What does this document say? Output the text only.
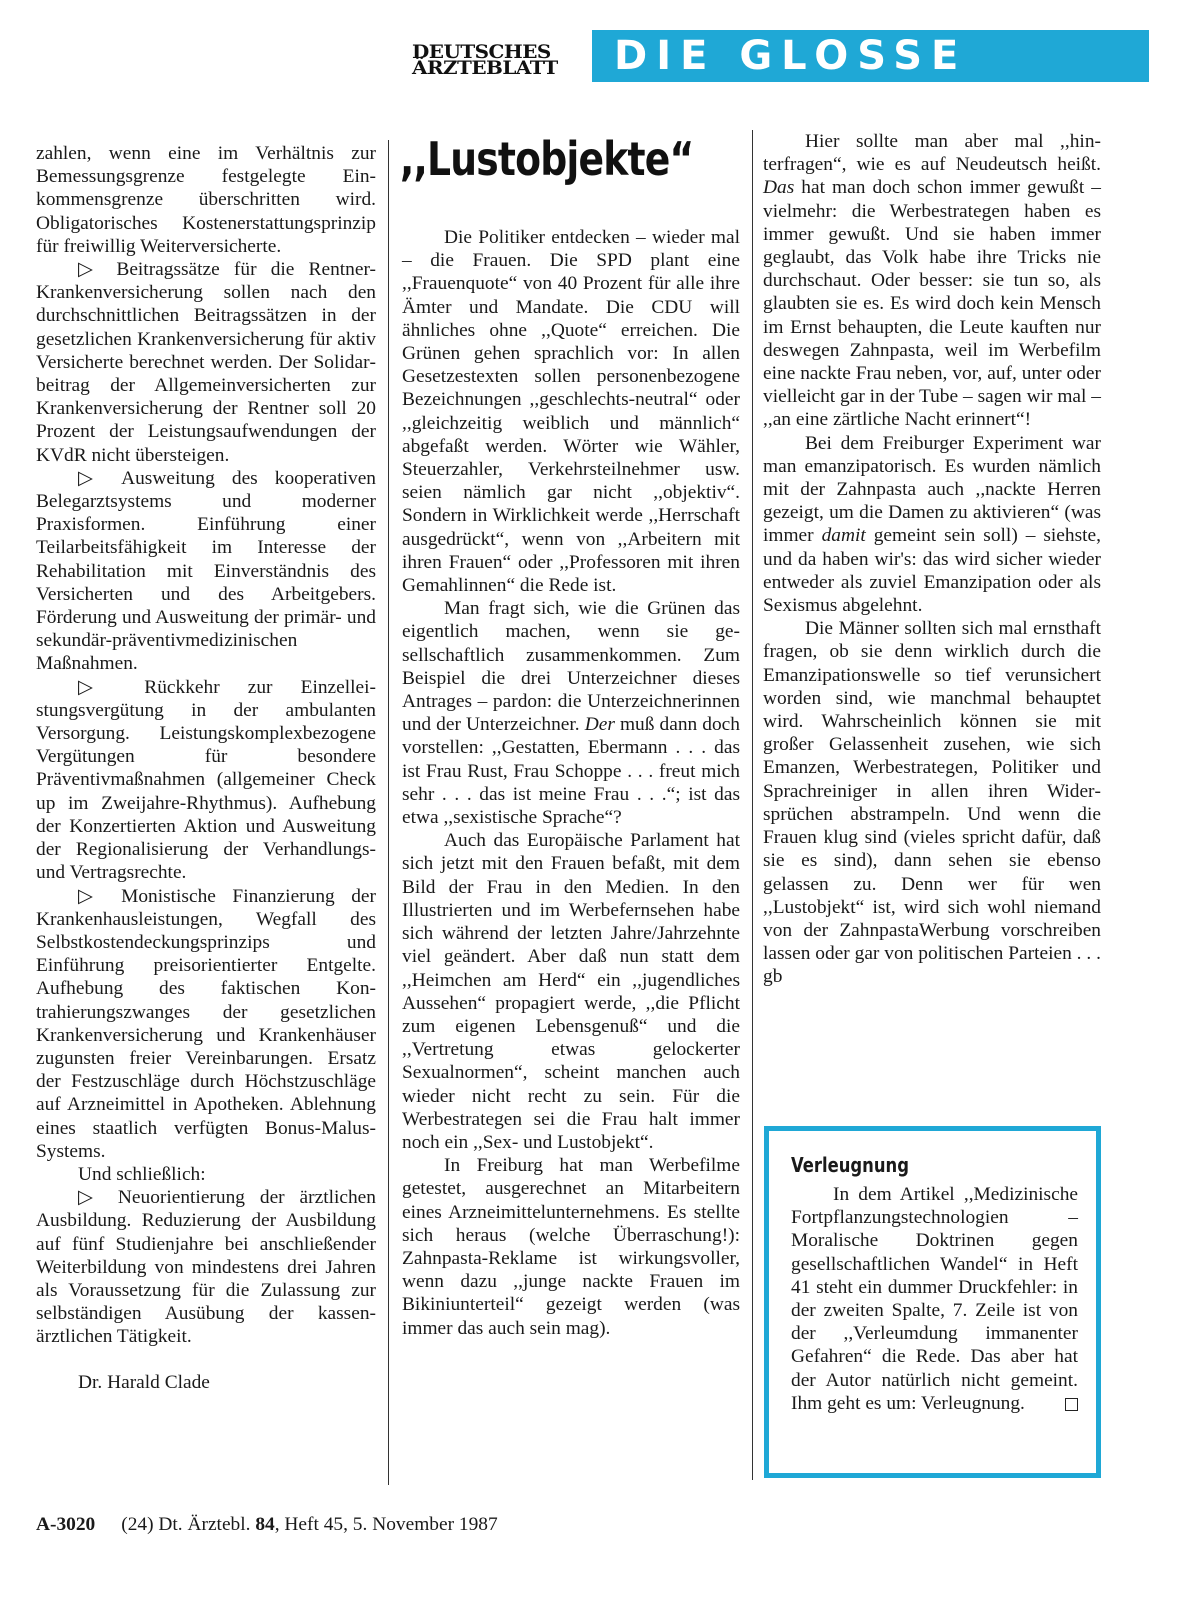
DEUTSCHES
ÄRZTEBLATT	DIE GLOSSE

zahlen, wenn eine im Verhältnis zur Bemessungsgrenze festgelegte Einkommensgrenze überschritten wird. Obligatorisches Kostenerstattungsprinzip für freiwillig Weiterversicherte.

▷ Beitragssätze für die Rentner-Krankenversicherung sollen nach den durchschnittlichen Beitragssätzen in der gesetzlichen Krankenversicherung für aktiv Versicherte berechnet werden. Der Solidarbeitrag der Allgemeinversicherten zur Krankenversicherung der Rentner soll 20 Prozent der Leistungsaufwendungen der KVdR nicht übersteigen.

▷ Ausweitung des kooperativen Belegarztsystems und moderner Praxisformen. Einführung einer Teilarbeitsfähigkeit im Interesse der Rehabilitation mit Einverständnis des Versicherten und des Arbeitgebers. Förderung und Ausweitung der primär- und sekundär-präventivmedizinischen Maßnahmen.

▷ Rückkehr zur Einzelleistungsvergütung in der ambulanten Versorgung. Leistungskomplexbezogene Vergütungen für besondere Präventivmaßnahmen (allgemeiner Check up im Zweijahre-Rhythmus). Aufhebung der Konzertierten Aktion und Ausweitung der Regionalisierung der Verhandlungs- und Vertragsrechte.

▷ Monistische Finanzierung der Krankenhausleistungen, Wegfall des Selbstkostendeckungsprinzips und Einführung preisorientierter Entgelte. Aufhebung des faktischen Kontrahierungszwanges der gesetzlichen Krankenversicherung und Krankenhäuser zugunsten freier Vereinbarungen. Ersatz der Festzuschläge durch Höchstzuschläge auf Arzneimittel in Apotheken. Ablehnung eines staatlich verfügten Bonus-Malus-Systems.

Und schließlich:

▷ Neuorientierung der ärztlichen Ausbildung. Reduzierung der Ausbildung auf fünf Studienjahre bei anschließender Weiterbildung von mindestens drei Jahren als Voraussetzung für die Zulassung zur selbständigen Ausübung der kassenärztlichen Tätigkeit.

Dr. Harald Clade

,,Lustobjekte“

Die Politiker entdecken – wieder mal – die Frauen. Die SPD plant eine ,,Frauenquote“ von 40 Prozent für alle ihre Ämter und Mandate. Die CDU will ähnliches ohne ,,Quote“ erreichen. Die Grünen gehen sprachlich vor: In allen Gesetzestexten sollen personenbezogene Bezeichnungen ,,geschlechts-neutral“ oder ,,gleichzeitig weiblich und männlich“ abgefaßt werden. Wörter wie Wähler, Steuerzahler, Verkehrsteilnehmer usw. seien nämlich gar nicht ,,objektiv“. Sondern in Wirklichkeit werde ,,Herrschaft ausgedrückt“, wenn von ,,Arbeitern mit ihren Frauen“ oder ,,Professoren mit ihren Gemahlinnen“ die Rede ist.

Man fragt sich, wie die Grünen das eigentlich machen, wenn sie gesellschaftlich zusammenkommen. Zum Beispiel die drei Unterzeichner dieses Antrages – pardon: die Unterzeichnerinnen und der Unterzeichner. Der muß dann doch vorstellen: ,,Gestatten, Ebermann . . . das ist Frau Rust, Frau Schoppe . . . freut mich sehr . . . das ist meine Frau . . .“; ist das etwa ,,sexistische Sprache“?

Auch das Europäische Parlament hat sich jetzt mit den Frauen befaßt, mit dem Bild der Frau in den Medien. In den Illustrierten und im Werbefernsehen habe sich während der letzten Jahre/Jahrzehnte viel geändert. Aber daß nun statt dem ,,Heimchen am Herd“ ein ,,jugendliches Aussehen“ propagiert werde, ,,die Pflicht zum eigenen Lebensgenuß“ und die ,,Vertretung etwas gelockerter Sexualnormen“, scheint manchen auch wieder nicht recht zu sein. Für die Werbestrategen sei die Frau halt immer noch ein ,,Sex- und Lustobjekt“.

In Freiburg hat man Werbefilme getestet, ausgerechnet an Mitarbeitern eines Arzneimittelunternehmens. Es stellte sich heraus (welche Überraschung!): Zahnpasta-Reklame ist wirkungsvoller, wenn dazu ,,junge nackte Frauen im Bikiniunterteil“ gezeigt werden (was immer das auch sein mag).

Hier sollte man aber mal ,,hinterfragen“, wie es auf Neudeutsch heißt. Das hat man doch schon immer gewußt – vielmehr: die Werbestrategen haben es immer gewußt. Und sie haben immer geglaubt, das Volk habe ihre Tricks nie durchschaut. Oder besser: sie tun so, als glaubten sie es. Es wird doch kein Mensch im Ernst behaupten, die Leute kauften nur deswegen Zahnpasta, weil im Werbefilm eine nackte Frau neben, vor, auf, unter oder vielleicht gar in der Tube – sagen wir mal – ,,an eine zärtliche Nacht erinnert“!

Bei dem Freiburger Experiment war man emanzipatorisch. Es wurden nämlich mit der Zahnpasta auch ,,nackte Herren gezeigt, um die Damen zu aktivieren“ (was immer damit gemeint sein soll) – siehste, und da haben wir's: das wird sicher wieder entweder als zuviel Emanzipation oder als Sexismus abgelehnt.

Die Männer sollten sich mal ernsthaft fragen, ob sie denn wirklich durch die Emanzipationswelle so tief verunsichert worden sind, wie manchmal behauptet wird. Wahrscheinlich können sie mit großer Gelassenheit zusehen, wie sich Emanzen, Werbestrategen, Politiker und Sprachreiniger in allen ihren Widersprüchen abstrampeln. Und wenn die Frauen klug sind (vieles spricht dafür, daß sie es sind), dann sehen sie ebenso gelassen zu. Denn wer für wen ,,Lustobjekt“ ist, wird sich wohl niemand von der ZahnpastaWerbung vorschreiben lassen oder gar von politischen Parteien . . . gb

Verleugnung

In dem Artikel ,,Medizinische Fortpflanzungstechnologien – Moralische Doktrinen gegen gesellschaftlichen Wandel“ in Heft 41 steht ein dummer Druckfehler: in der zweiten Spalte, 7. Zeile ist von der ,,Verleumdung immanenter Gefahren“ die Rede. Das aber hat der Autor natürlich nicht gemeint. Ihm geht es um: Verleugnung.

A-3020 (24) Dt. Ärztebl. 84, Heft 45, 5. November 1987
